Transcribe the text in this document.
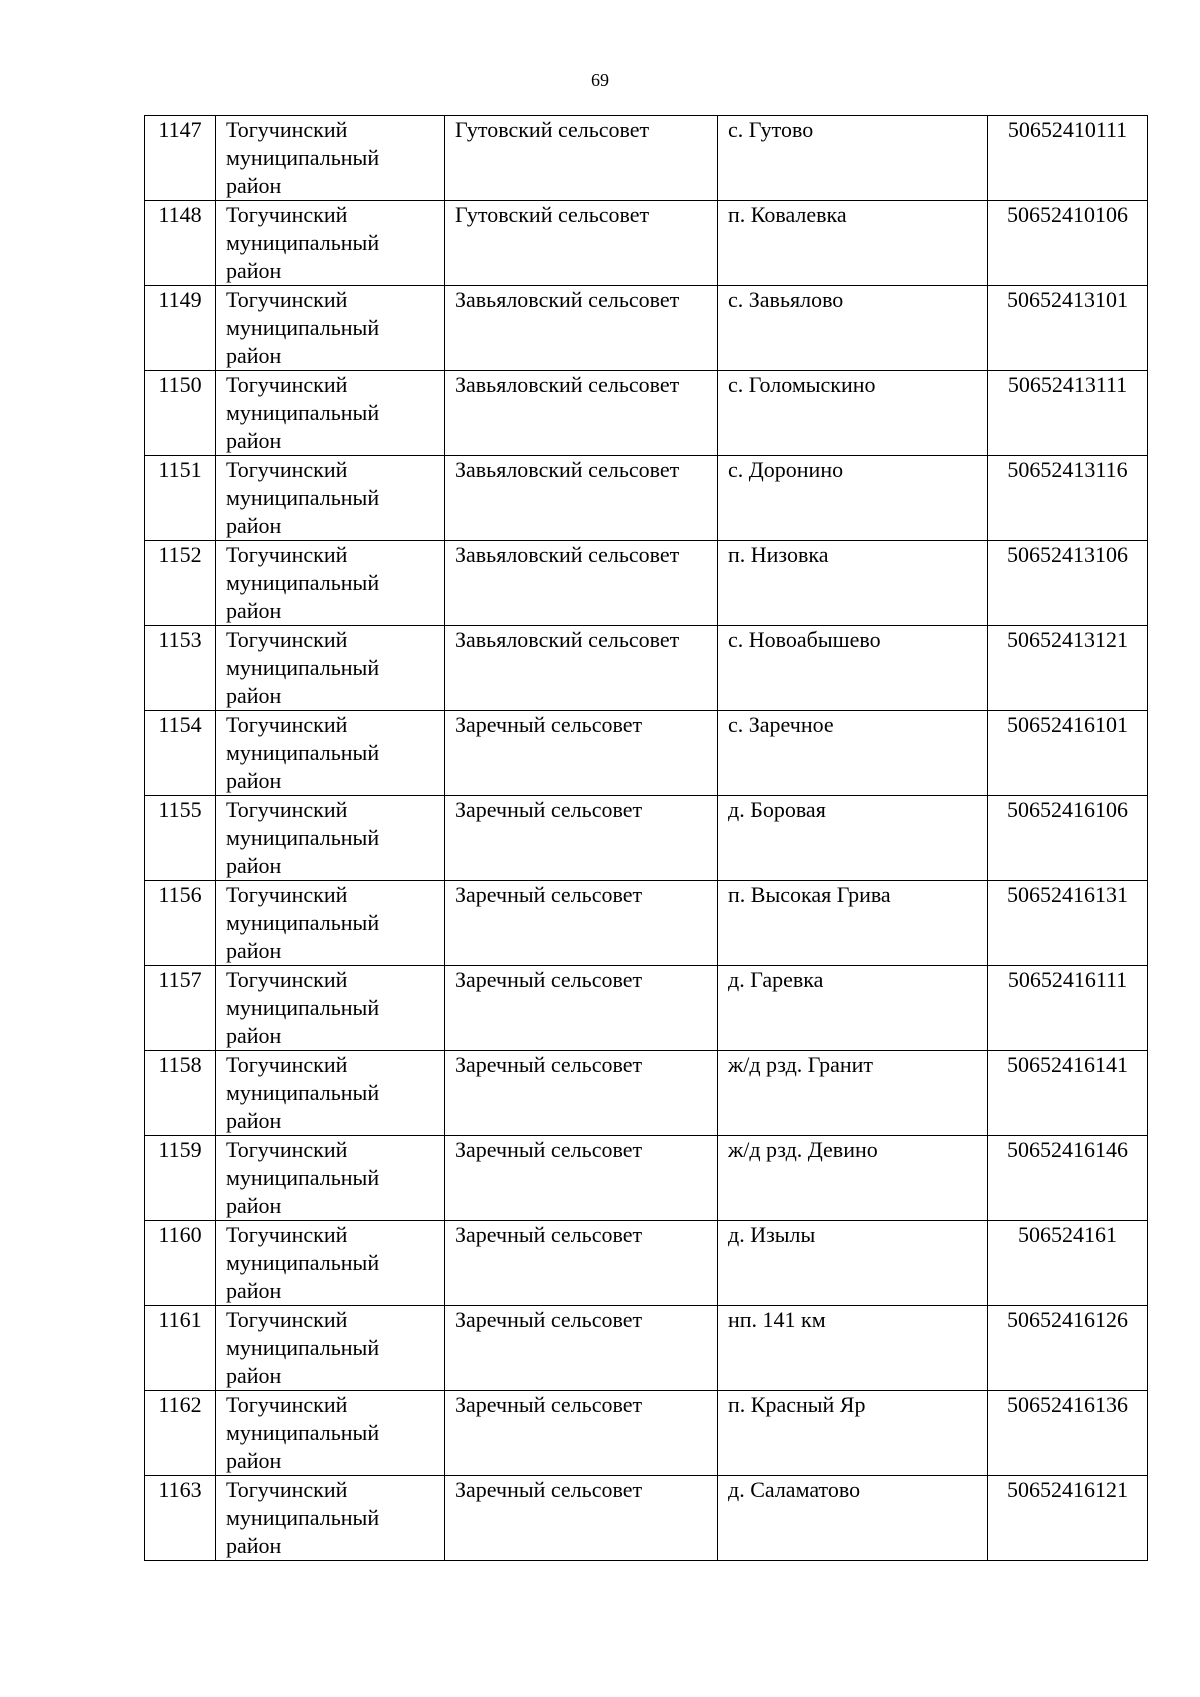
69
1147	Тогучинский муниципальный район	Гутовский сельсовет	с. Гутово	50652410111
1148	Тогучинский муниципальный район	Гутовский сельсовет	п. Ковалевка	50652410106
1149	Тогучинский муниципальный район	Завьяловский сельсовет	с. Завьялово	50652413101
1150	Тогучинский муниципальный район	Завьяловский сельсовет	с. Голомыскино	50652413111
1151	Тогучинский муниципальный район	Завьяловский сельсовет	с. Доронино	50652413116
1152	Тогучинский муниципальный район	Завьяловский сельсовет	п. Низовка	50652413106
1153	Тогучинский муниципальный район	Завьяловский сельсовет	с. Новоабышево	50652413121
1154	Тогучинский муниципальный район	Заречный сельсовет	с. Заречное	50652416101
1155	Тогучинский муниципальный район	Заречный сельсовет	д. Боровая	50652416106
1156	Тогучинский муниципальный район	Заречный сельсовет	п. Высокая Грива	50652416131
1157	Тогучинский муниципальный район	Заречный сельсовет	д. Гаревка	50652416111
1158	Тогучинский муниципальный район	Заречный сельсовет	ж/д рзд. Гранит	50652416141
1159	Тогучинский муниципальный район	Заречный сельсовет	ж/д рзд. Девино	50652416146
1160	Тогучинский муниципальный район	Заречный сельсовет	д. Изылы	506524161
1161	Тогучинский муниципальный район	Заречный сельсовет	нп. 141 км	50652416126
1162	Тогучинский муниципальный район	Заречный сельсовет	п. Красный Яр	50652416136
1163	Тогучинский муниципальный район	Заречный сельсовет	д. Саламатово	50652416121
